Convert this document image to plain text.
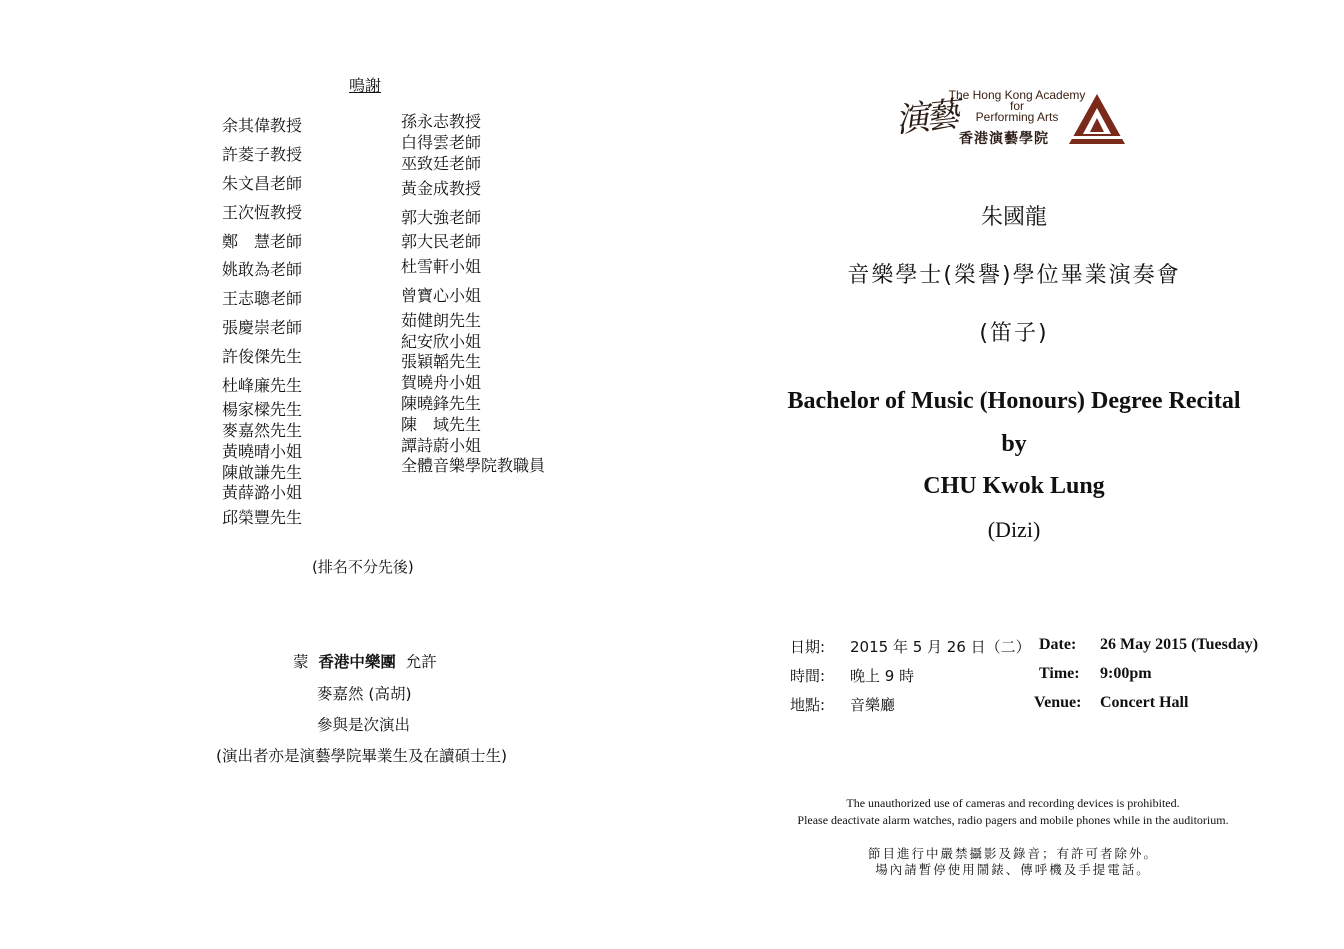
鳴謝
余其偉教授
許菱子教授
朱文昌老師
王次恆教授
鄭　慧老師
姚敢為老師
王志聰老師
張慶崇老師
許俊傑先生
杜峰廉先生
楊家樑先生
麥嘉然先生
黃曉晴小姐
陳啟謙先生
黃薛潞小姐
邱榮豐先生
孫永志教授
白得雲老師
巫致廷老師
黃金成教授
郭大強老師
郭大民老師
杜雪軒小姐
曾寶心小姐
茹健朗先生
紀安欣小姐
張穎韜先生
賀曉舟小姐
陳曉鋒先生
陳　域先生
譚詩蔚小姐
全體音樂學院教職員
(排名不分先後)
蒙 香港中樂團 允許
麥嘉然 (高胡)
參與是次演出
(演出者亦是演藝學院畢業生及在讀碩士生)
演藝
The Hong Kong Academy
for
Performing Arts
香港演藝學院
朱國龍
音樂學士(榮譽)學位畢業演奏會
(笛子)
Bachelor of Music (Honours) Degree Recital
by
CHU Kwok Lung
(Dizi)
日期: 2015 年 5 月 26 日（二） Date: 26 May 2015 (Tuesday)
時間: 晚上 9 時	Time: 9:00pm
地點: 音樂廳	Venue: Concert Hall
The unauthorized use of cameras and recording devices is prohibited.
Please deactivate alarm watches, radio pagers and mobile phones while in the auditorium.
節目進行中嚴禁攝影及錄音；有許可者除外。
場內請暫停使用鬧錶、傳呼機及手提電話。
